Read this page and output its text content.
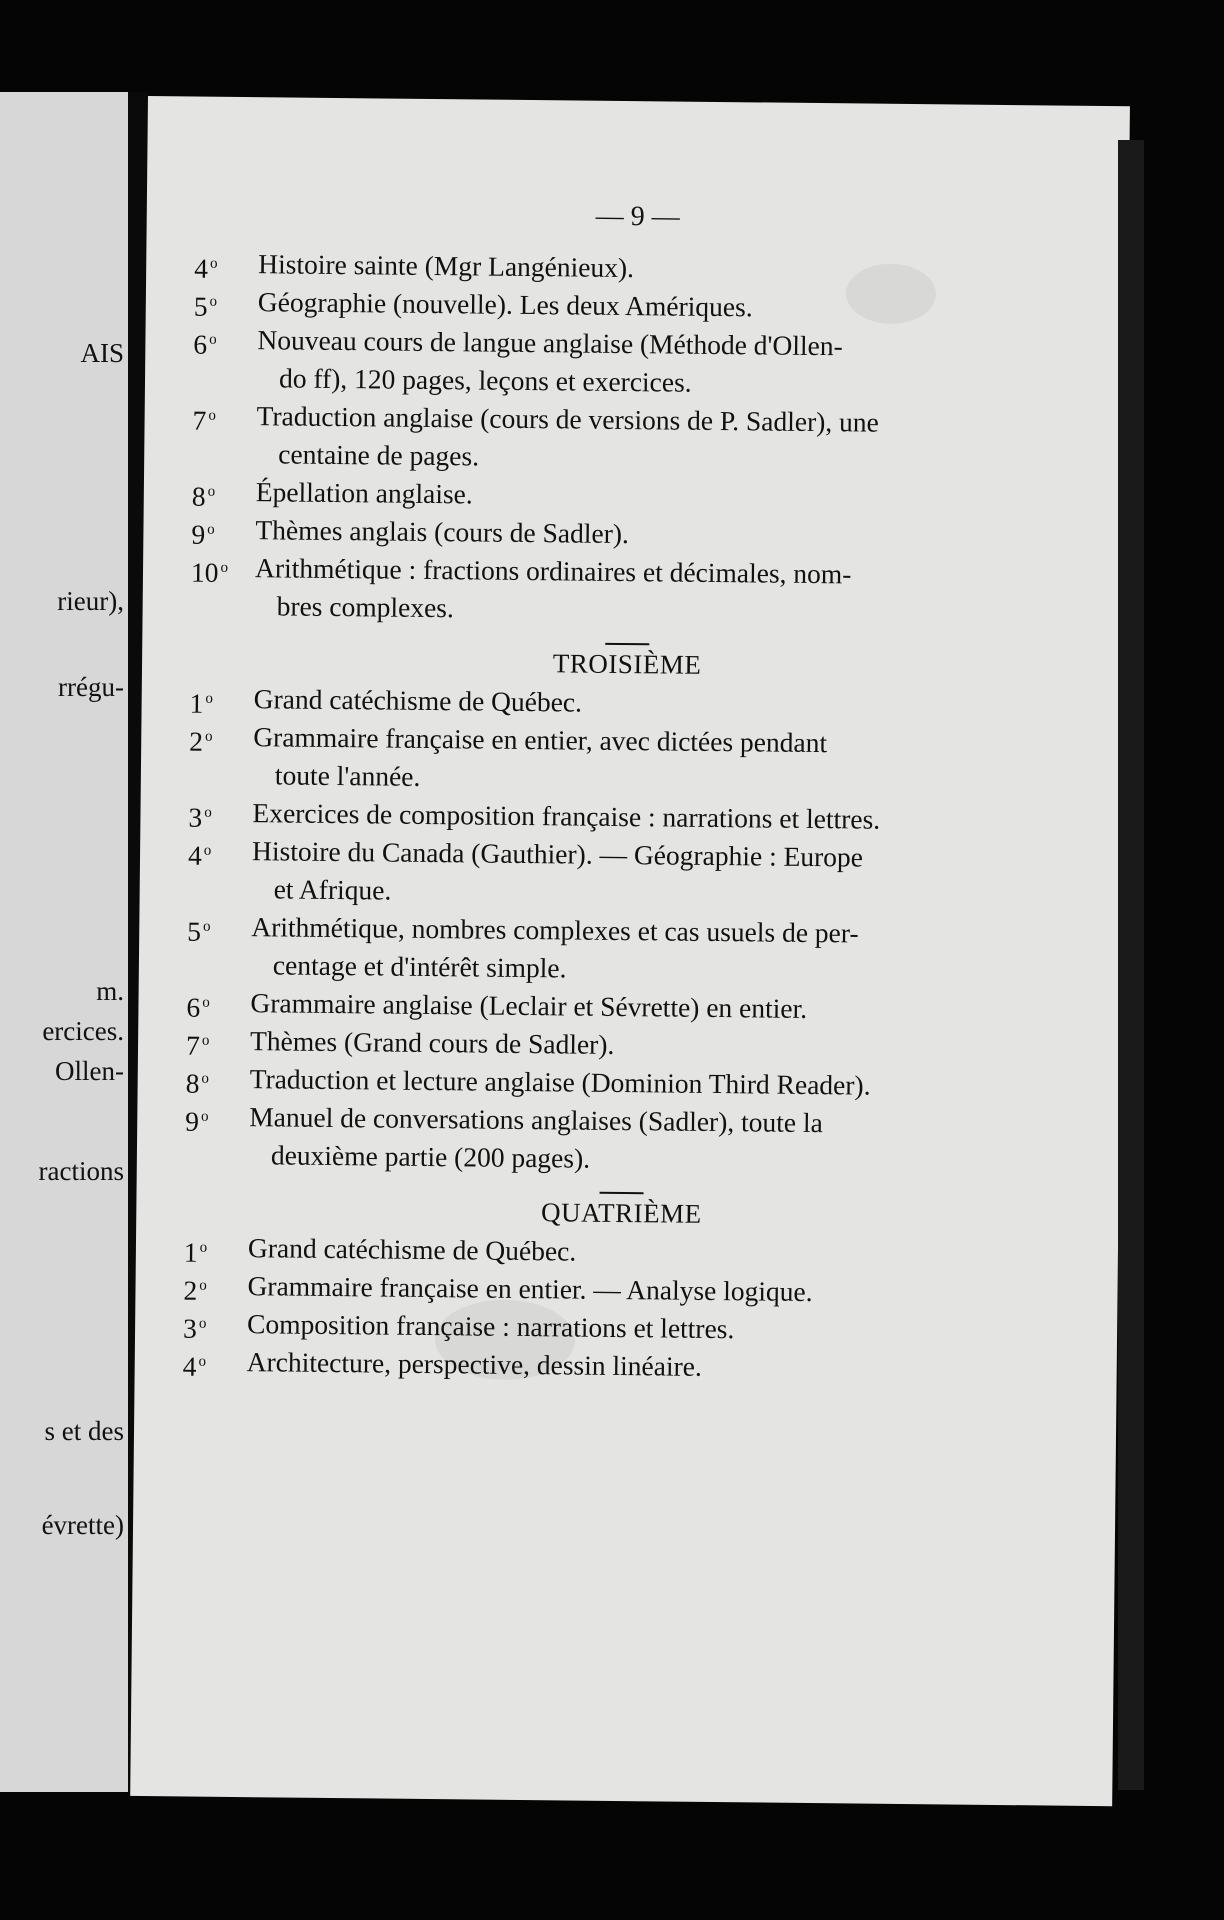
AIS
rieur),
rrégu-
m.
ercices.
Ollen-
ractions
s et des
évrette)
— 9 —
4 $^o$	Histoire sainte (Mgr Langénieux).
5 $^o$	Géographie (nouvelle). Les deux Amériques.
6 $^o$	Nouveau cours de langue anglaise (Méthode d'Ollen-
do ff), 120 pages, leçons et exercices.
7 $^o$	Traduction anglaise (cours de versions de P. Sadler), une
centaine de pages.
8 $^o$	Épellation anglaise.
9 $^o$	Thèmes anglais (cours de Sadler).
10 $^o$ Arithmétique : fractions ordinaires et décimales, nom-
bres complexes.
TROISIÈME
1 $^o$	Grand catéchisme de Québec.
2 $^o$	Grammaire française en entier, avec dictées pendant
toute l'année.
3 $^o$	Exercices de composition française : narrations et lettres.
4 $^o$	Histoire du Canada (Gauthier). — Géographie : Europe
et Afrique.
5 $^o$	Arithmétique, nombres complexes et cas usuels de per-
centage et d'intérêt simple.
6 $^o$	Grammaire anglaise (Leclair et Sévrette) en entier.
7 $^o$	Thèmes (Grand cours de Sadler).
8 $^o$	Traduction et lecture anglaise (Dominion Third Reader).
9 $^o$	Manuel de conversations anglaises (Sadler), toute la
deuxième partie (200 pages).
QUATRIÈME
1 $^o$	Grand catéchisme de Québec.
2 $^o$	Grammaire française en entier. — Analyse logique.
3 $^o$	Composition française : narrations et lettres.
4 $^o$	Architecture, perspective, dessin linéaire.
